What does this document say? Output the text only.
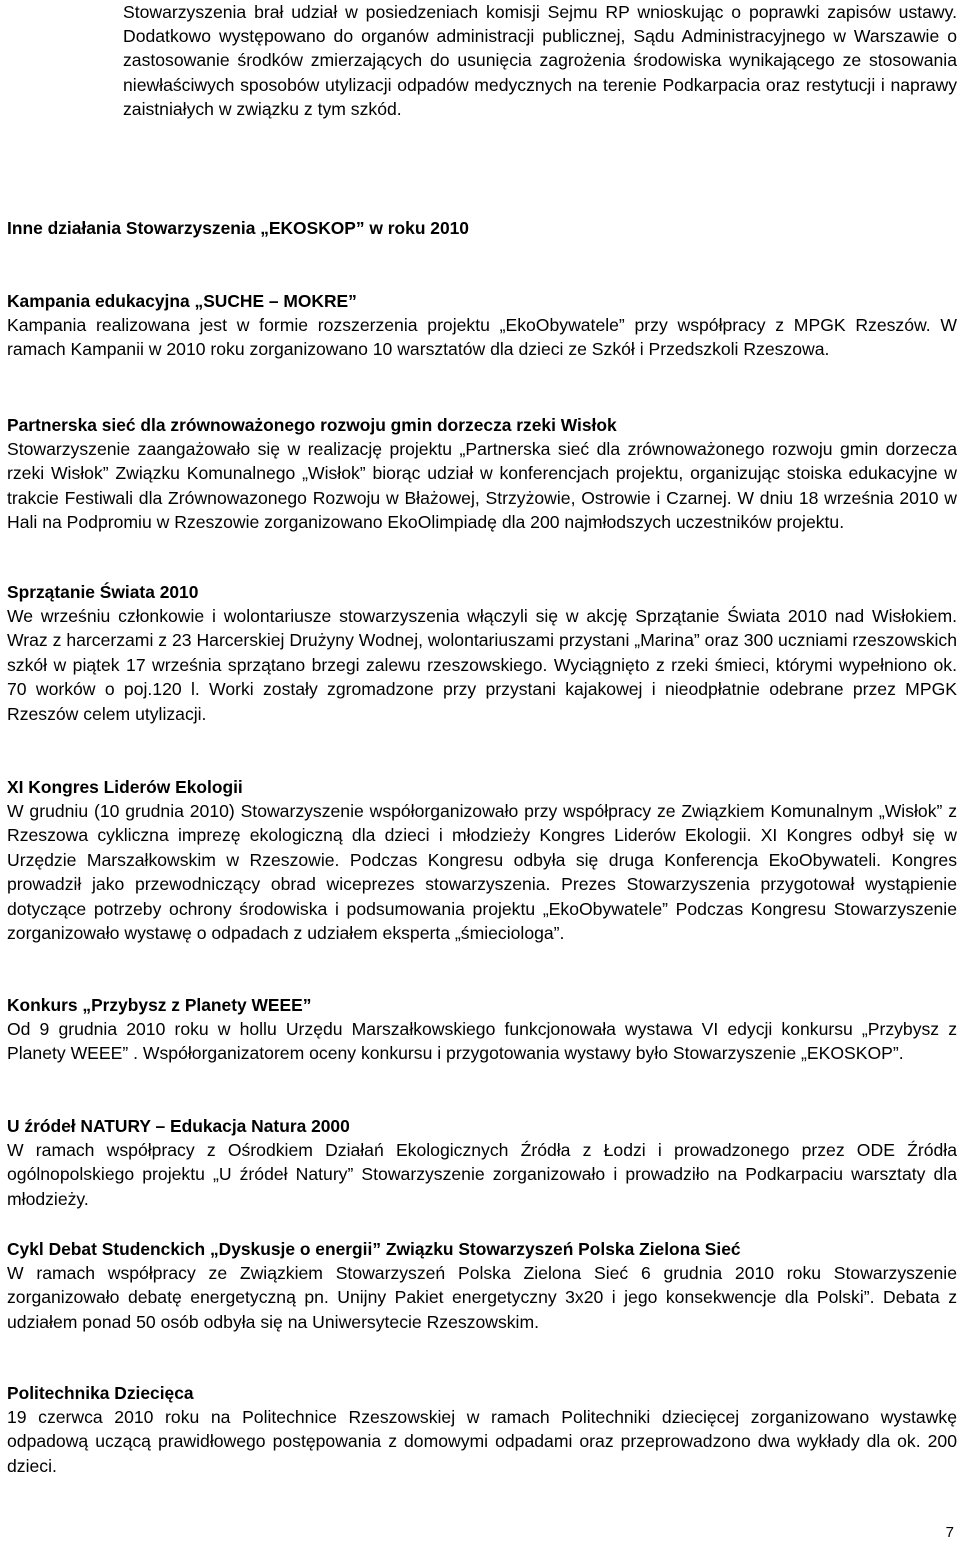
Stowarzyszenia brał udział w posiedzeniach komisji Sejmu RP wnioskując o poprawki zapisów ustawy. Dodatkowo występowano do organów administracji publicznej, Sądu Administracyjnego w Warszawie o zastosowanie środków zmierzających do usunięcia zagrożenia środowiska wynikającego ze stosowania niewłaściwych sposobów utylizacji odpadów medycznych na terenie Podkarpacia oraz restytucji i naprawy zaistniałych w związku z tym szkód.

Inne działania Stowarzyszenia „EKOSKOP” w roku 2010
Kampania edukacyjna „SUCHE – MOKRE”

Kampania realizowana jest w formie rozszerzenia projektu „EkoObywatele” przy współpracy z MPGK Rzeszów. W ramach Kampanii w 2010 roku zorganizowano 10 warsztatów dla dzieci ze Szkół i Przedszkoli Rzeszowa.

Partnerska sieć dla zrównoważonego rozwoju gmin dorzecza rzeki Wisłok

Stowarzyszenie zaangażowało się w realizację projektu „Partnerska sieć dla zrównoważonego rozwoju gmin dorzecza rzeki Wisłok” Związku Komunalnego „Wisłok” biorąc udział w konferencjach projektu, organizując stoiska edukacyjne w trakcie Festiwali dla Zrównowazonego Rozwoju w Błażowej, Strzyżowie, Ostrowie i Czarnej. W dniu 18 września 2010 w Hali na Podpromiu w Rzeszowie zorganizowano EkoOlimpiadę dla 200 najmłodszych uczestników projektu.

Sprzątanie Świata 2010

We wrześniu członkowie i wolontariusze stowarzyszenia włączyli się w akcję Sprzątanie Świata 2010 nad Wisłokiem. Wraz z harcerzami z 23 Harcerskiej Drużyny Wodnej, wolontariuszami przystani „Marina” oraz 300 uczniami rzeszowskich szkół w piątek 17 września sprzątano brzegi zalewu rzeszowskiego. Wyciągnięto z rzeki śmieci, którymi wypełniono ok. 70 worków o poj.120 l. Worki zostały zgromadzone przy przystani kajakowej i nieodpłatnie odebrane przez MPGK Rzeszów celem utylizacji.

XI Kongres Liderów Ekologii

W grudniu (10 grudnia 2010) Stowarzyszenie współorganizowało przy współpracy ze Związkiem Komunalnym „Wisłok” z Rzeszowa cykliczna imprezę ekologiczną dla dzieci i młodzieży Kongres Liderów Ekologii. XI Kongres odbył się w Urzędzie Marszałkowskim w Rzeszowie. Podczas Kongresu odbyła się druga Konferencja EkoObywateli. Kongres prowadził jako przewodniczący obrad wiceprezes stowarzyszenia. Prezes Stowarzyszenia przygotował wystąpienie dotyczące potrzeby ochrony środowiska i podsumowania projektu „EkoObywatele” Podczas Kongresu Stowarzyszenie zorganizowało wystawę o odpadach z udziałem eksperta „śmieciologa”.

Konkurs „Przybysz z Planety WEEE”

Od 9 grudnia 2010 roku w hollu Urzędu Marszałkowskiego funkcjonowała wystawa VI edycji konkursu „Przybysz z Planety WEEE” . Współorganizatorem oceny konkursu i przygotowania wystawy było Stowarzyszenie „EKOSKOP”.

U źródeł NATURY – Edukacja Natura 2000

W ramach współpracy z Ośrodkiem Działań Ekologicznych Źródła z Łodzi i prowadzonego przez ODE Źródła ogólnopolskiego projektu „U źródeł Natury” Stowarzyszenie zorganizowało i prowadziło na Podkarpaciu warsztaty dla młodzieży.

Cykl Debat Studenckich „Dyskusje o energii” Związku Stowarzyszeń Polska Zielona Sieć

W ramach współpracy ze Związkiem Stowarzyszeń Polska Zielona Sieć 6 grudnia 2010 roku Stowarzyszenie zorganizowało debatę energetyczną pn. Unijny Pakiet energetyczny 3x20 i jego konsekwencje dla Polski”. Debata z udziałem ponad 50 osób odbyła się na Uniwersytecie Rzeszowskim.

Politechnika Dziecięca

19 czerwca 2010 roku na Politechnice Rzeszowskiej w ramach Politechniki dziecięcej zorganizowano wystawkę odpadową uczącą prawidłowego postępowania z domowymi odpadami oraz przeprowadzono dwa wykłady dla ok. 200 dzieci.

7
